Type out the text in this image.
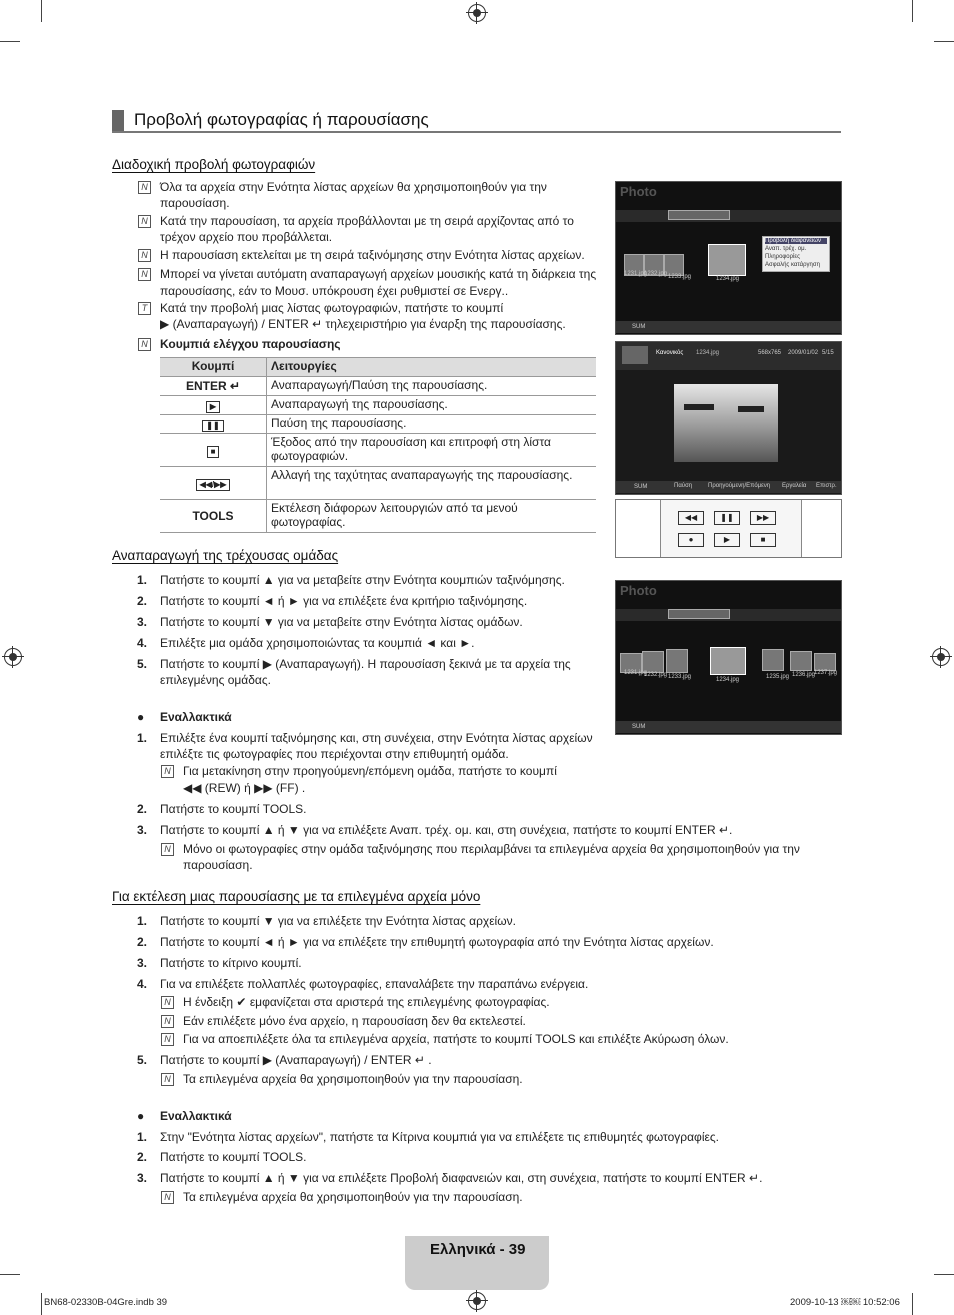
Προβολή φωτογραφίας ή παρουσίασης
Διαδοχική προβολή φωτογραφιών
N Όλα τα αρχεία στην Ενότητα λίστας αρχείων θα χρησιμοποιηθούν για την
παρουσίαση.
N Κατά την παρουσίαση, τα αρχεία προβάλλονται με τη σειρά αρχίζοντας από το
τρέχον αρχείο που προβάλλεται.
N Η παρουσίαση εκτελείται με τη σειρά ταξινόμησης στην Ενότητα λίστας αρχείων.
N Μπορεί να γίνεται αυτόματη αναπαραγωγή αρχείων μουσικής κατά τη διάρκεια της
παρουσίασης, εάν το Μουσ. υπόκρουση έχει ρυθμιστεί σε Ενεργ..
T	Κατά την προβολή μιας λίστας φωτογραφιών, πατήστε το κουμπί
▶ (Αναπαραγωγή) / ENTER ↵ τηλεχειριστήριο για έναρξη της παρουσίασης.
N Κουμπιά ελέγχου παρουσίασης
Κουμπί	Λειτουργίες
ENTER ↵	Αναπαραγωγή/Παύση της παρουσίασης.
▶	Αναπαραγωγή της παρουσίασης.
❚❚	Παύση της παρουσίασης.
■	Έξοδος από την παρουσίαση και επιτροφή στη λίστα φωτογραφιών.
◀◀/▶▶	Αλλαγή της ταχύτητας αναπαραγωγής της παρουσίασης.
TOOLS	Εκτέλεση διάφορων λειτουργιών από τα μενού φωτογραφίας.
Photo
1234.jpg
1231.jpg
1232.jpg 1233.jpg
Προβολή διαφανειών
Αναπ. τρέχ. ομ.
Πληροφορίες
Ασφαλής κατάργηση
SUM
Κανονικός 1234.jpg	568x765 2009/01/02 5/15
SUM	Παύση	Προηγούμενη/Επόμενη Εργαλεία Επιστρ.
◀◀	❚❚	▶▶
●	▶	■
Αναπαραγωγή της τρέχουσας ομάδας
1. Πατήστε το κουμπί ▲ για να μεταβείτε στην Ενότητα κουμπιών ταξινόμησης.
2. Πατήστε το κουμπί ◄ ή ► για να επιλέξετε ένα κριτήριο ταξινόμησης.
3. Πατήστε το κουμπί ▼ για να μεταβείτε στην Ενότητα λίστας ομάδων.
4. Επιλέξτε μια ομάδα χρησιμοποιώντας τα κουμπιά ◄ και ►.
5. Πατήστε το κουμπί ▶ (Αναπαραγωγή). Η παρουσίαση ξεκινά με τα αρχεία της
επιλεγμένης ομάδας.
Photo
1231.jpg
1232.jpg 1233.jpg	1234.jpg	1235.jpg 1236.jpg
1237.jpg
SUM
● Εναλλακτικά
1. Επιλέξτε ένα κουμπί ταξινόμησης και, στη συνέχεια, στην Ενότητα λίστας αρχείων
επιλέξτε τις φωτογραφίες που περιέχονται στην επιθυμητή ομάδα.
N Για μετακίνηση στην προηγούμενη/επόμενη ομάδα, πατήστε το κουμπί
◀◀ (REW) ή ▶▶ (FF) .
2. Πατήστε το κουμπί TOOLS.
3. Πατήστε το κουμπί ▲ ή ▼ για να επιλέξετε Αναπ. τρέχ. ομ. και, στη συνέχεια, πατήστε το κουμπί ENTER ↵.
N Μόνο οι φωτογραφίες στην ομάδα ταξινόμησης που περιλαμβάνει τα επιλεγμένα αρχεία θα χρησιμοποιηθούν για την
παρουσίαση.
Για εκτέλεση μιας παρουσίασης με τα επιλεγμένα αρχεία μόνο
1. Πατήστε το κουμπί ▼ για να επιλέξετε την Ενότητα λίστας αρχείων.
2. Πατήστε το κουμπί ◄ ή ► για να επιλέξετε την επιθυμητή φωτογραφία από την Ενότητα λίστας αρχείων.
3. Πατήστε το κίτρινο κουμπί.
4. Για να επιλέξετε πολλαπλές φωτογραφίες, επαναλάβετε την παραπάνω ενέργεια.
N Η ένδειξη ✔ εμφανίζεται στα αριστερά της επιλεγμένης φωτογραφίας.
N Εάν επιλέξετε μόνο ένα αρχείο, η παρουσίαση δεν θα εκτελεστεί.
N Για να αποεπιλέξετε όλα τα επιλεγμένα αρχεία, πατήστε το κουμπί TOOLS και επιλέξτε Ακύρωση όλων.
5. Πατήστε το κουμπί ▶ (Αναπαραγωγή) / ENTER ↵ .
N Τα επιλεγμένα αρχεία θα χρησιμοποιηθούν για την παρουσίαση.
● Εναλλακτικά
1. Στην "Ενότητα λίστας αρχείων", πατήστε τα Κίτρινα κουμπιά για να επιλέξετε τις επιθυμητές φωτογραφίες.
2. Πατήστε το κουμπί TOOLS.
3. Πατήστε το κουμπί ▲ ή ▼ για να επιλέξετε Προβολή διαφανειών και, στη συνέχεια, πατήστε το κουμπί ENTER ↵.
N Τα επιλεγμένα αρχεία θα χρησιμοποιηθούν για την παρουσίαση.
Ελληνικά - 39
BN68-02330B-04Gre.indb 39	2009-10-13 ￼￼ 10:52:06
